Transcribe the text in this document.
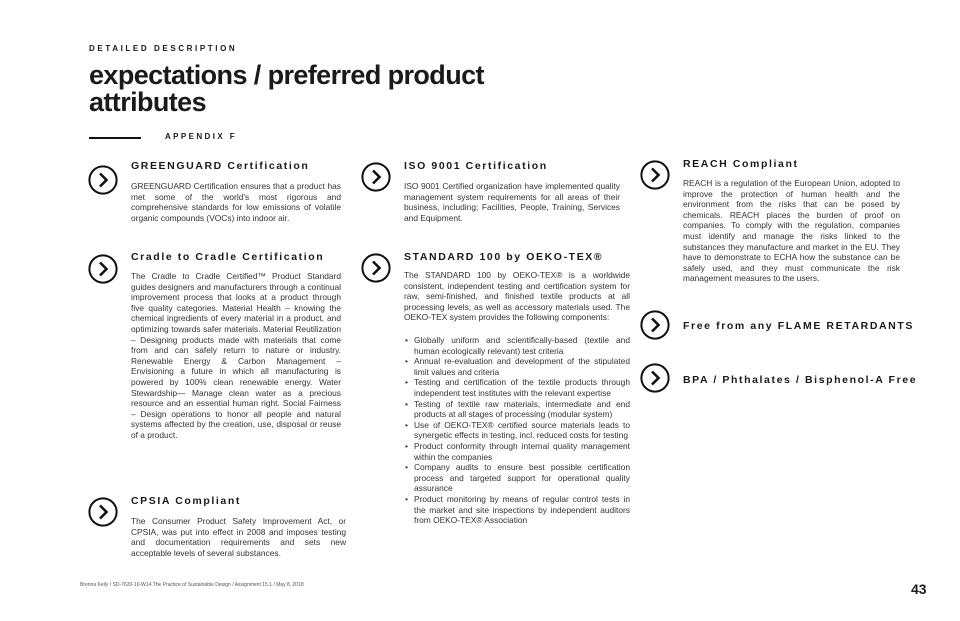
DETAILED DESCRIPTION
expectations / preferred product attributes
APPENDIX F
GREENGUARD Certification

GREENGUARD Certification ensures that a product has met some of the world's most rigorous and comprehensive standards for low emissions of volatile organic compounds (VOCs) into indoor air.

Cradle to Cradle Certification

The Cradle to Cradle Certified™ Product Standard guides designers and manufacturers through a continual improvement process that looks at a product through five quality categories. Material Health – knowing the chemical ingredients of every material in a product, and optimizing towards safer materials. Material Reutilization – Designing products made with materials that come from and can safely return to nature or industry. Renewable Energy & Carbon Management – Envisioning a future in which all manufacturing is powered by 100% clean renewable energy. Water Stewardship— Manage clean water as a precious resource and an essential human right. Social Fairness – Design operations to honor all people and natural systems affected by the creation, use, disposal or reuse of a product.

CPSIA Compliant

The Consumer Product Safety Improvement Act, or CPSIA, was put into effect in 2008 and imposes testing and documentation requirements and sets new acceptable levels of several substances.

ISO 9001 Certification

ISO 9001 Certified organization have implemented quality management system requirements for all areas of their business, including; Facilities, People, Training, Services and Equipment.

STANDARD 100 by OEKO-TEX®

The STANDARD 100 by OEKO-TEX® is a worldwide consistent, independent testing and certification system for raw, semi-finished, and finished textile products at all processing levels, as well as accessory materials used. The OEKO-TEX system provides the following components:

• Globally uniform and scientifically-based (textile and human ecologically relevant) test criteria
• Annual re-evaluation and development of the stipulated limit values and criteria
• Testing and certification of the textile products through independent test institutes with the relevant expertise
• Testing of textile raw materials, intermediate and end products at all stages of processing (modular system)
• Use of OEKO-TEX® certified source materials leads to synergetic effects in testing, incl. reduced costs for testing
• Product conformity through internal quality management within the companies
• Company audits to ensure best possible certification process and targeted support for operational quality assurance
• Product monitoring by means of regular control tests in the market and site inspections by independent auditors from OEKO-TEX® Association
REACH Compliant

REACH is a regulation of the European Union, adopted to improve the protection of human health and the environment from the risks that can be posed by chemicals. REACH places the burden of proof on companies. To comply with the regulation, companies must identify and manage the risks linked to the substances they manufacture and market in the EU. They have to demonstrate to ECHA how the substance can be safely used, and they must communicate the risk management measures to the users.

Free from any FLAME RETARDANTS
BPA / Phthalates / Bisphenol-A Free
Brenna Kelly / SD-7620-10-W14 The Practice of Sustainable Design / Assignment 15.1 / May 8, 2018	43
